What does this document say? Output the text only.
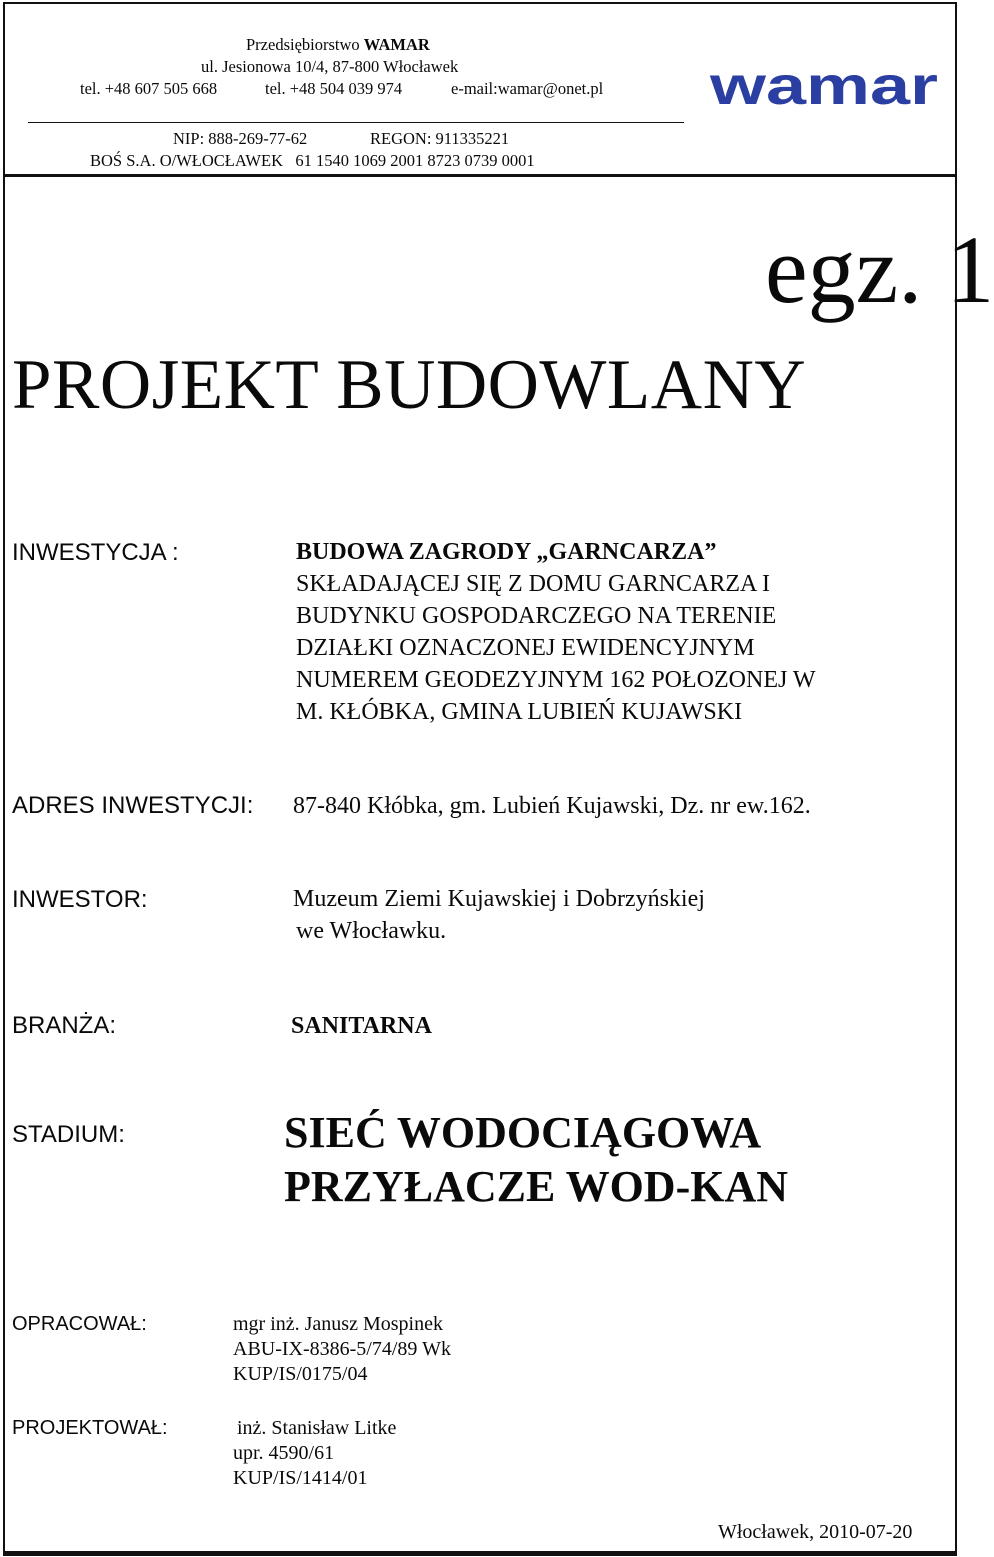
Przedsiębiorstwo WAMAR
ul. Jesionowa 10/4, 87-800 Włocławek
tel. +48 607 505 668	tel. +48 504 039 974	e-mail:wamar@onet.pl
NIP: 888-269-77-62	REGON: 911335221
BOŚ S.A. O/WŁOCŁAWEK   61 1540 1069 2001 8723 0739 0001
wamar
egz. 1
PROJEKT BUDOWLANY
INWESTYCJA :	BUDOWA ZAGRODY „GARNCARZA”
SKŁADAJĄCEJ SIĘ Z DOMU GARNCARZA I
BUDYNKU GOSPODARCZEGO NA TERENIE
DZIAŁKI OZNACZONEJ EWIDENCYJNYM
NUMEREM GEODEZYJNYM 162 POŁOZONEJ W
M. KŁÓBKA, GMINA LUBIEŃ KUJAWSKI
ADRES INWESTYCJI: 87-840 Kłóbka, gm. Lubień Kujawski, Dz. nr ew.162.
INWESTOR:	Muzeum Ziemi Kujawskiej i Dobrzyńskiej
we Włocławku.
BRANŻA:	SANITARNA
STADIUM:	SIEĆ WODOCIĄGOWA
PRZYŁACZE WOD-KAN
OPRACOWAŁ:	mgr inż. Janusz Mospinek
ABU-IX-8386-5/74/89 Wk
KUP/IS/0175/04
PROJEKTOWAŁ:	inż. Stanisław Litke
upr. 4590/61
KUP/IS/1414/01
Włocławek, 2010-07-20
